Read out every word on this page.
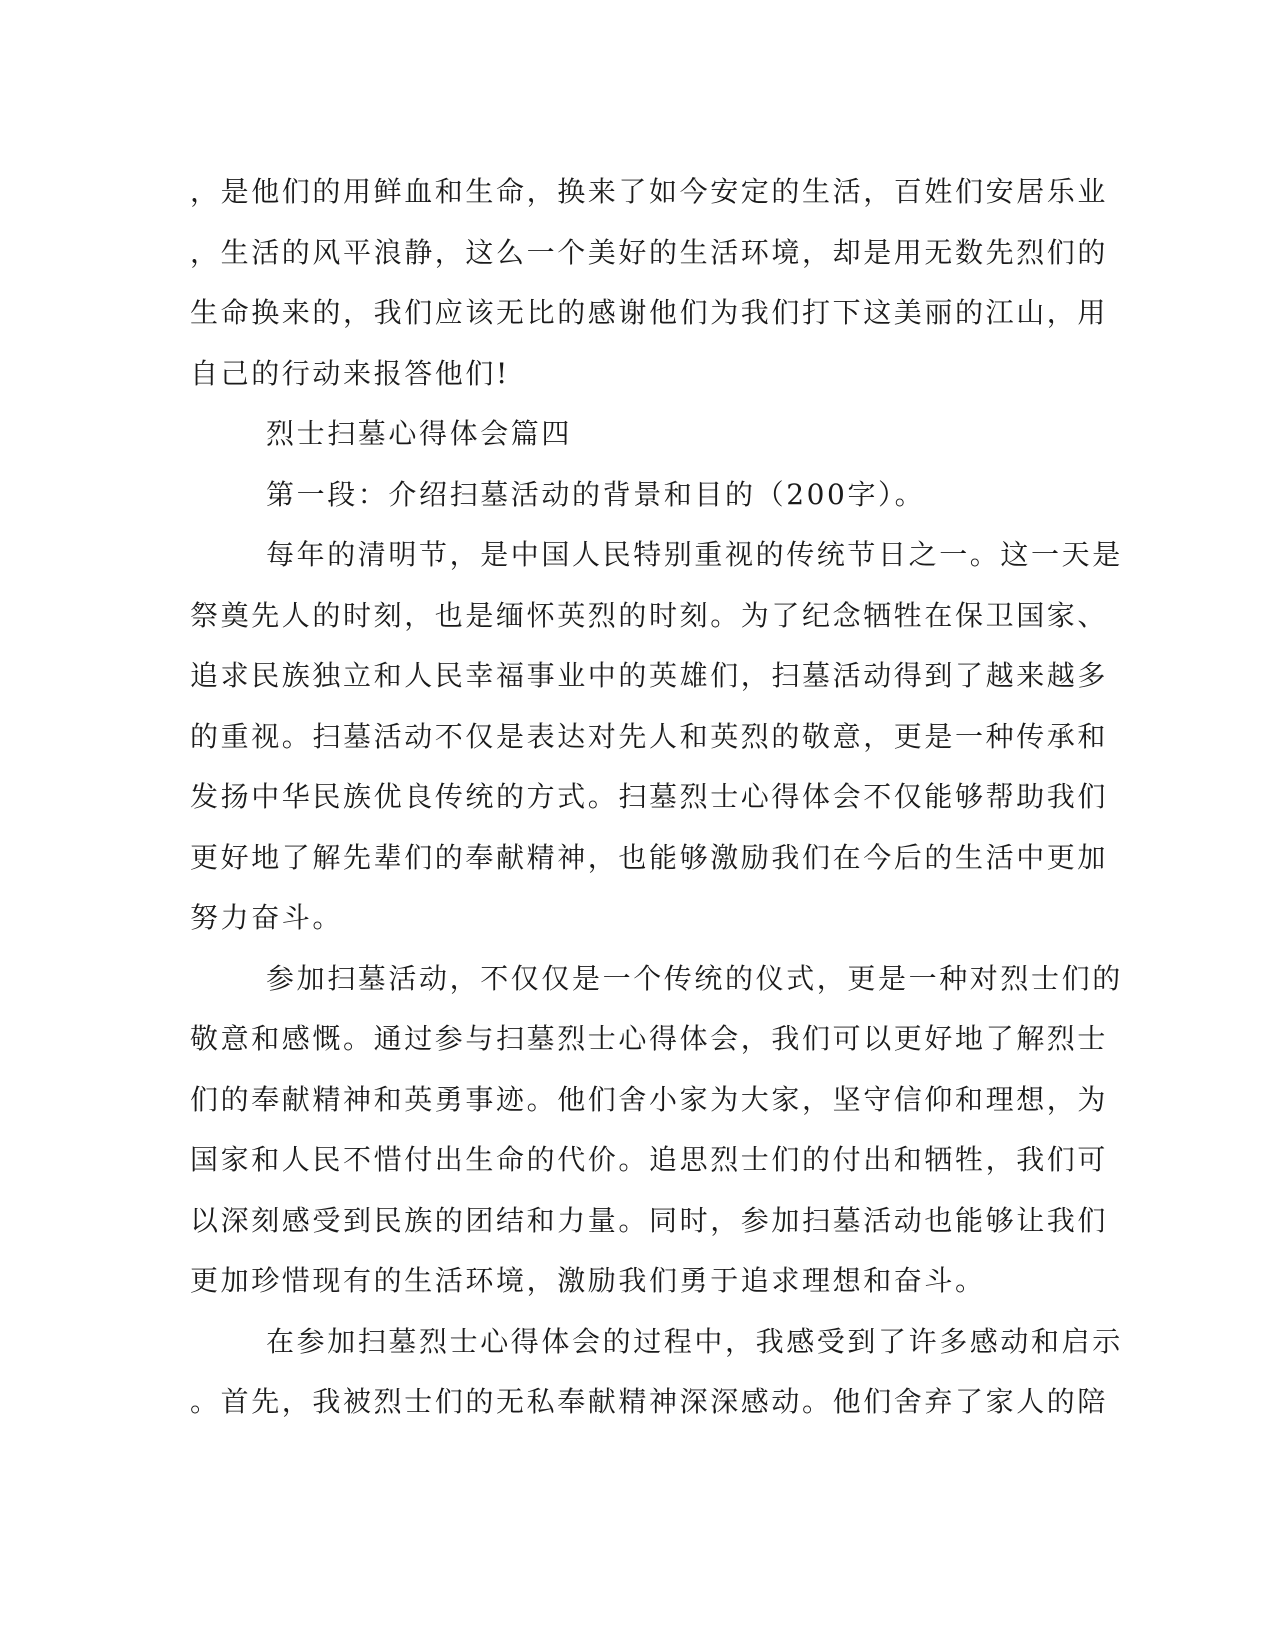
，是他们的用鲜血和生命，换来了如今安定的生活，百姓们安居乐业
，生活的风平浪静，这么一个美好的生活环境，却是用无数先烈们的
生命换来的，我们应该无比的感谢他们为我们打下这美丽的江山，用
自己的行动来报答他们!
烈士扫墓心得体会篇四
第一段：介绍扫墓活动的背景和目的（200字）。
每年的清明节，是中国人民特别重视的传统节日之一。这一天是
祭奠先人的时刻，也是缅怀英烈的时刻。为了纪念牺牲在保卫国家、
追求民族独立和人民幸福事业中的英雄们，扫墓活动得到了越来越多
的重视。扫墓活动不仅是表达对先人和英烈的敬意，更是一种传承和
发扬中华民族优良传统的方式。扫墓烈士心得体会不仅能够帮助我们
更好地了解先辈们的奉献精神，也能够激励我们在今后的生活中更加
努力奋斗。
参加扫墓活动，不仅仅是一个传统的仪式，更是一种对烈士们的
敬意和感慨。通过参与扫墓烈士心得体会，我们可以更好地了解烈士
们的奉献精神和英勇事迹。他们舍小家为大家，坚守信仰和理想，为
国家和人民不惜付出生命的代价。追思烈士们的付出和牺牲，我们可
以深刻感受到民族的团结和力量。同时，参加扫墓活动也能够让我们
更加珍惜现有的生活环境，激励我们勇于追求理想和奋斗。
在参加扫墓烈士心得体会的过程中，我感受到了许多感动和启示
。首先，我被烈士们的无私奉献精神深深感动。他们舍弃了家人的陪
